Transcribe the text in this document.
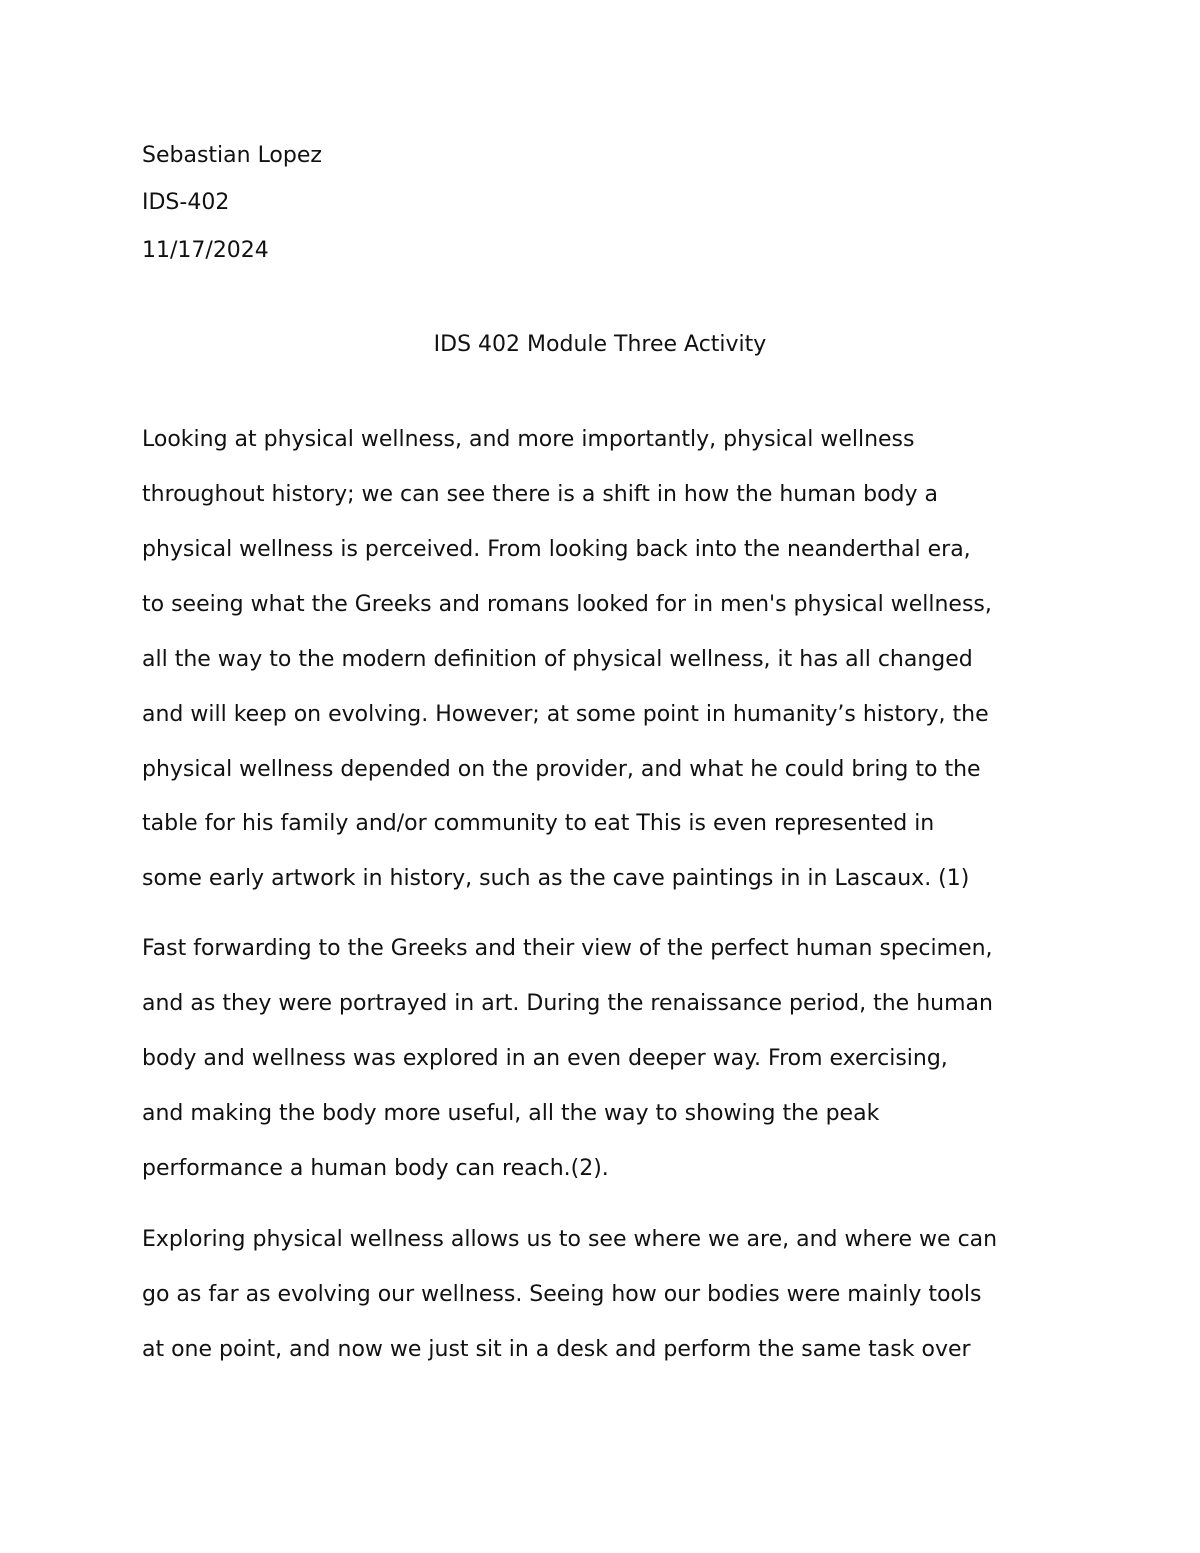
Sebastian Lopez
IDS-402
11/17/2024
IDS 402 Module Three Activity
Looking at physical wellness, and more importantly, physical wellness
throughout history; we can see there is a shift in how the human body a
physical wellness is perceived. From looking back into the neanderthal era,
to seeing what the Greeks and romans looked for in men's physical wellness,
all the way to the modern definition of physical wellness, it has all changed
and will keep on evolving. However; at some point in humanity’s history, the
physical wellness depended on the provider, and what he could bring to the
table for his family and/or community to eat This is even represented in
some early artwork in history, such as the cave paintings in in Lascaux. (1)
Fast forwarding to the Greeks and their view of the perfect human specimen,
and as they were portrayed in art. During the renaissance period, the human
body and wellness was explored in an even deeper way. From exercising,
and making the body more useful, all the way to showing the peak
performance a human body can reach.(2).
Exploring physical wellness allows us to see where we are, and where we can
go as far as evolving our wellness. Seeing how our bodies were mainly tools
at one point, and now we just sit in a desk and perform the same task over
